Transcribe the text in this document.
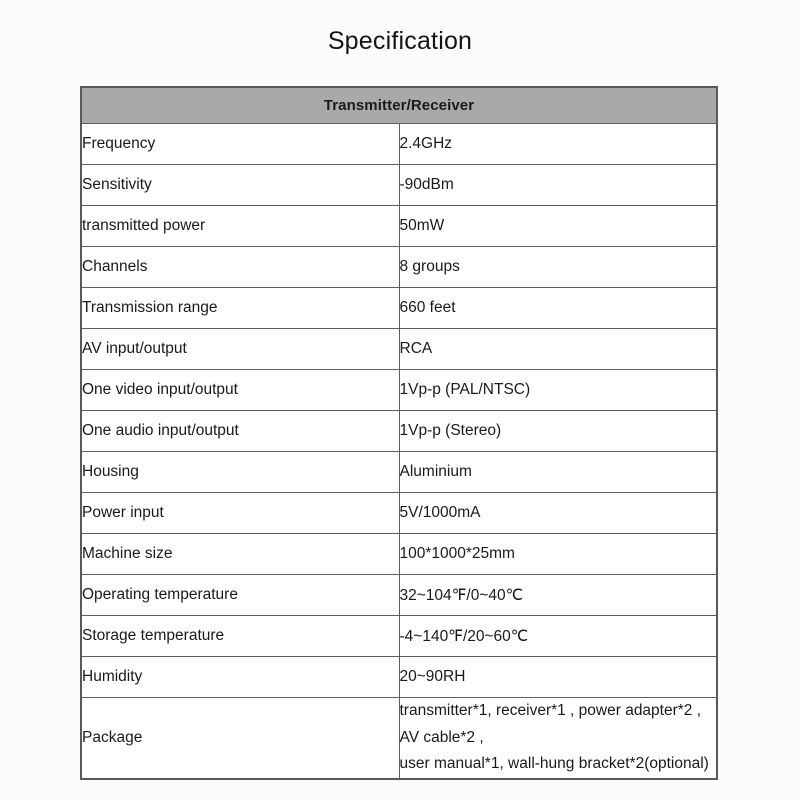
Specification
Transmitter/Receiver	
Frequency	2.4GHz
Sensitivity	-90dBm
transmitted power	50mW
Channels	8 groups
Transmission range	660 feet
AV input/output	RCA
One video input/output	1Vp-p (PAL/NTSC)
One audio input/output	1Vp-p (Stereo)
Housing	Aluminium
Power input	5V/1000mA
Machine size	100*1000*25mm
Operating temperature	32~104℉/0~40℃
Storage temperature	-4~140℉/20~60℃
Humidity	20~90RH
Package	transmitter*1, receiver*1 , power adapter*2 , AV cable*2 ,
user manual*1, wall-hung bracket*2(optional)
